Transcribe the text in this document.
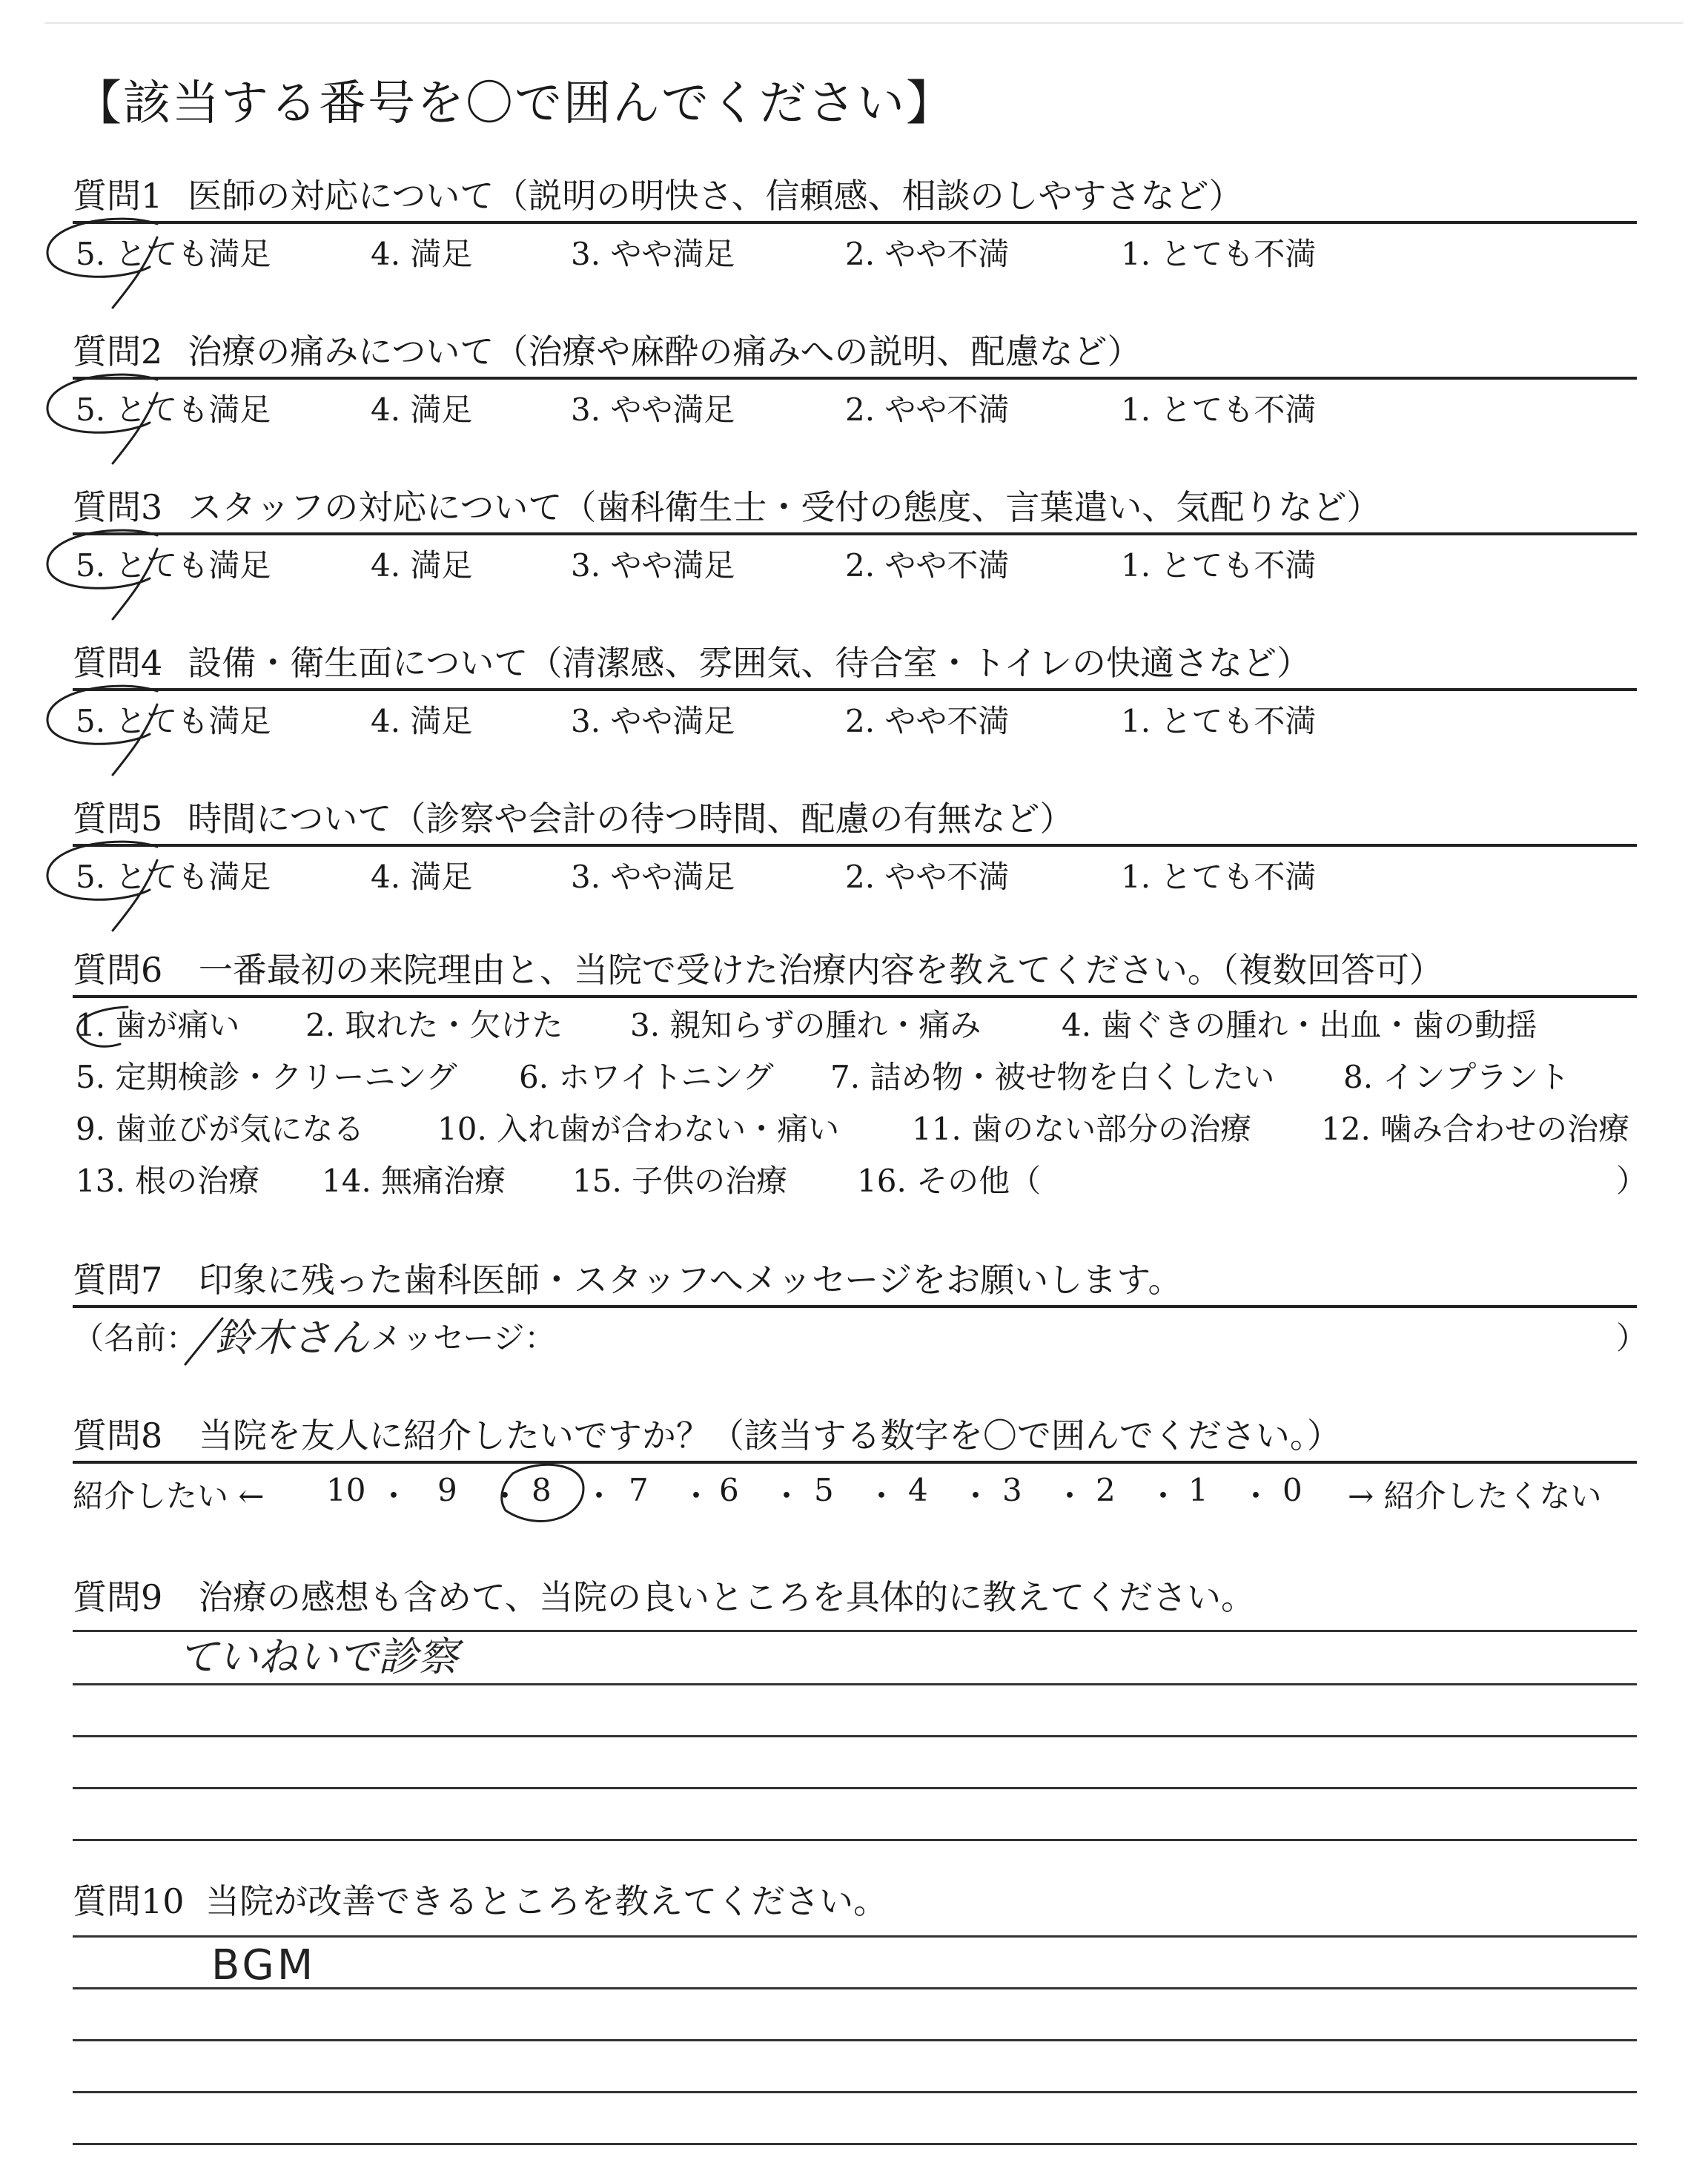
【該当する番号を〇で囲んでください】
質問1 医師の対応について（説明の明快さ、信頼感、相談のしやすさなど）
5. とても満足	4. 満足	3. やや満足	2. やや不満	1. とても不満
質問2 治療の痛みについて（治療や麻酔の痛みへの説明、配慮など）
5. とても満足	4. 満足	3. やや満足	2. やや不満	1. とても不満
質問3 スタッフの対応について（歯科衛生士・受付の態度、言葉遣い、気配りなど）
5. とても満足	4. 満足	3. やや満足	2. やや不満	1. とても不満
質問4 設備・衛生面について（清潔感、雰囲気、待合室・トイレの快適さなど）
5. とても満足	4. 満足	3. やや満足	2. やや不満	1. とても不満
質問5 時間について（診察や会計の待つ時間、配慮の有無など）
5. とても満足	4. 満足	3. やや満足	2. やや不満	1. とても不満
質問6 一番最初の来院理由と、当院で受けた治療内容を教えてください。（複数回答可）
1. 歯が痛い 2. 取れた・欠けた 3. 親知らずの腫れ・痛み	4. 歯ぐきの腫れ・出血・歯の動揺
5. 定期検診・クリーニング 6. ホワイトニング 7. 詰め物・被せ物を白くしたい 8. インプラント
9. 歯並びが気になる 10. 入れ歯が合わない・痛い 11. 歯のない部分の治療 12. 噛み合わせの治療
13. 根の治療 14. 無痛治療 15. 子供の治療 16. その他（	）
質問7 印象に残った歯科医師・スタッフへメッセージをお願いします。
（名前： 鈴木さん メッセージ：	）
質問8 当院を友人に紹介したいですか？（該当する数字を〇で囲んでください。）
紹介したい ← 10 ・ 9 ・ 8 ・ 7 ・ 6 ・ 5 ・ 4 ・ 3 ・ 2 ・ 1 ・ 0 → 紹介したくない
質問9 治療の感想も含めて、当院の良いところを具体的に教えてください。
ていねいで診察
質問10 当院が改善できるところを教えてください。
BGM
